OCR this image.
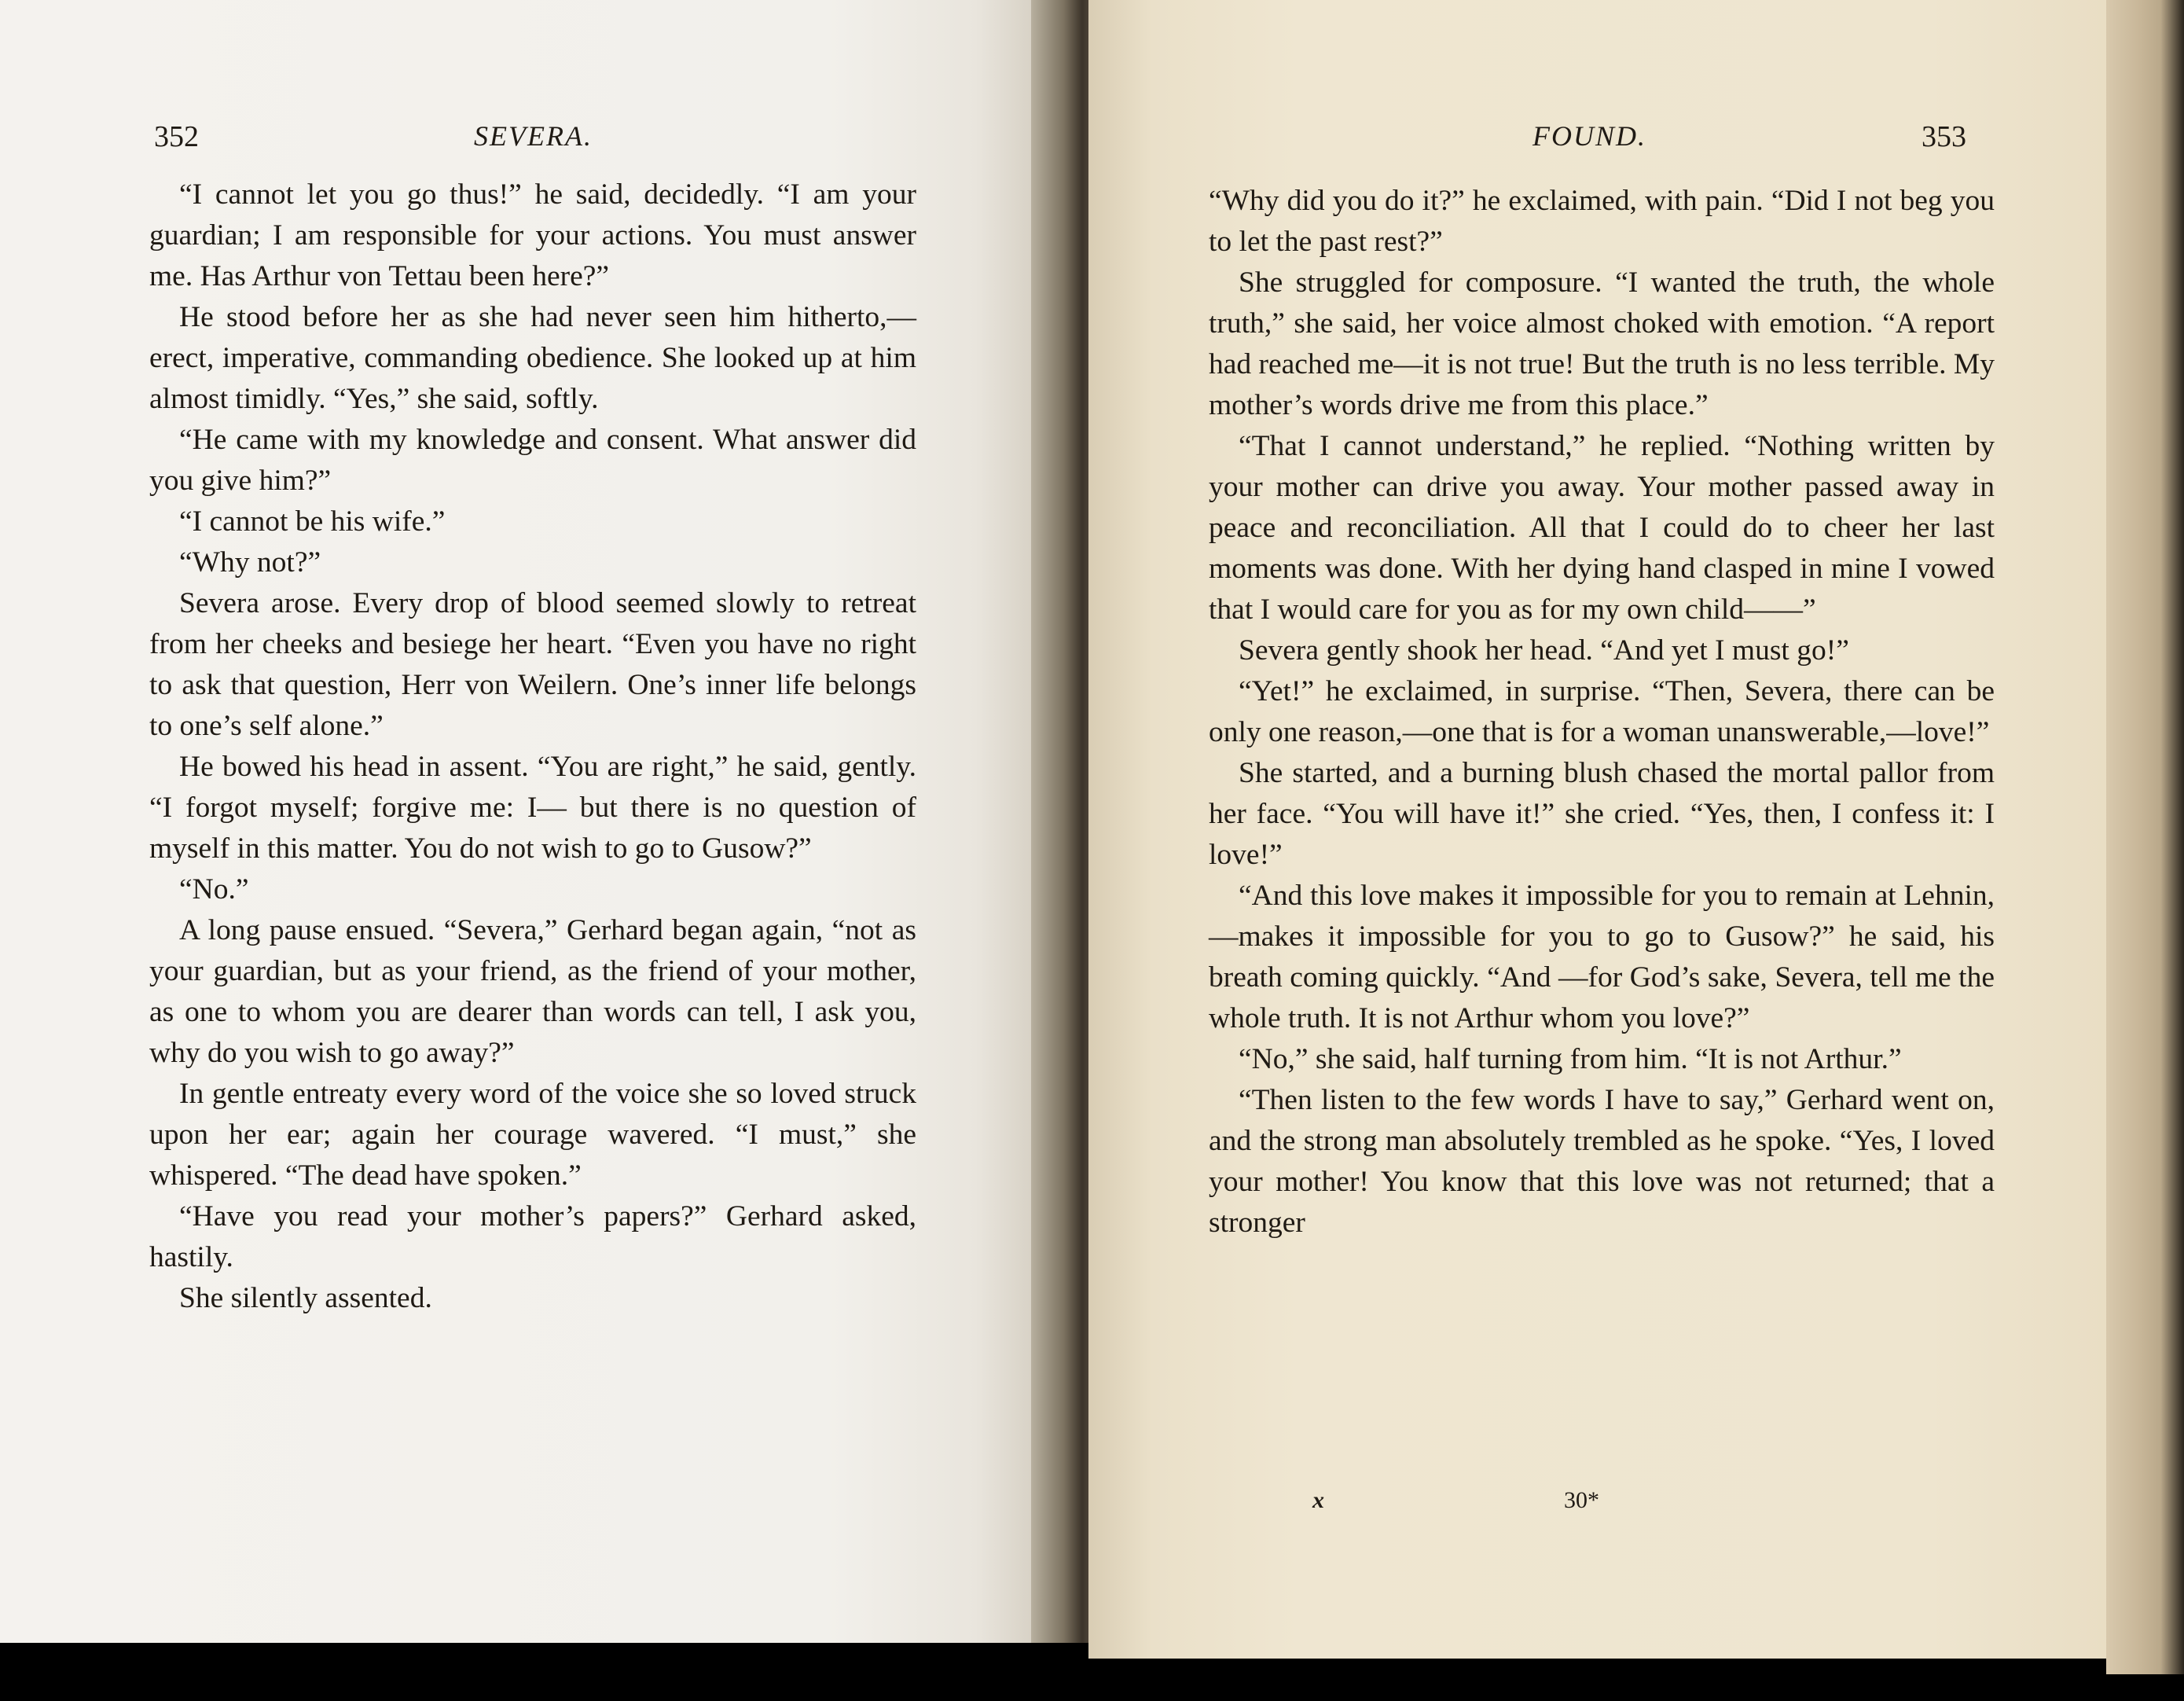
352	SEVERA.

“I cannot let you go thus!” he said, decidedly. “I am your guardian; I am responsible for your actions. You must answer me. Has Arthur von Tettau been here?”

He stood before her as she had never seen him hitherto,—erect, imperative, commanding obedience. She looked up at him almost timidly. “Yes,” she said, softly.

“He came with my knowledge and consent. What answer did you give him?”

“I cannot be his wife.”

“Why not?”

Severa arose. Every drop of blood seemed slowly to retreat from her cheeks and besiege her heart. “Even you have no right to ask that question, Herr von Weilern. One’s inner life belongs to one’s self alone.”

He bowed his head in assent. “You are right,” he said, gently. “I forgot myself; forgive me: I— but there is no question of myself in this matter. You do not wish to go to Gusow?”

“No.”

A long pause ensued. “Severa,” Gerhard began again, “not as your guardian, but as your friend, as the friend of your mother, as one to whom you are dearer than words can tell, I ask you, why do you wish to go away?”

In gentle entreaty every word of the voice she so loved struck upon her ear; again her courage wavered. “I must,” she whispered. “The dead have spoken.”

“Have you read your mother’s papers?” Gerhard asked, hastily.

She silently assented.

FOUND.	353

“Why did you do it?” he exclaimed, with pain. “Did I not beg you to let the past rest?”

She struggled for composure. “I wanted the truth, the whole truth,” she said, her voice almost choked with emotion. “A report had reached me—it is not true! But the truth is no less terrible. My mother’s words drive me from this place.”

“That I cannot understand,” he replied. “Nothing written by your mother can drive you away. Your mother passed away in peace and reconciliation. All that I could do to cheer her last moments was done. With her dying hand clasped in mine I vowed that I would care for you as for my own child——”

Severa gently shook her head. “And yet I must go!”

“Yet!” he exclaimed, in surprise. “Then, Severa, there can be only one reason,—one that is for a woman unanswerable,—love!”

She started, and a burning blush chased the mortal pallor from her face. “You will have it!” she cried. “Yes, then, I confess it: I love!”

“And this love makes it impossible for you to remain at Lehnin,—makes it impossible for you to go to Gusow?” he said, his breath coming quickly. “And —for God’s sake, Severa, tell me the whole truth. It is not Arthur whom you love?”

“No,” she said, half turning from him. “It is not Arthur.”

“Then listen to the few words I have to say,” Gerhard went on, and the strong man absolutely trembled as he spoke. “Yes, I loved your mother! You know that this love was not returned; that a stronger

x	30*
